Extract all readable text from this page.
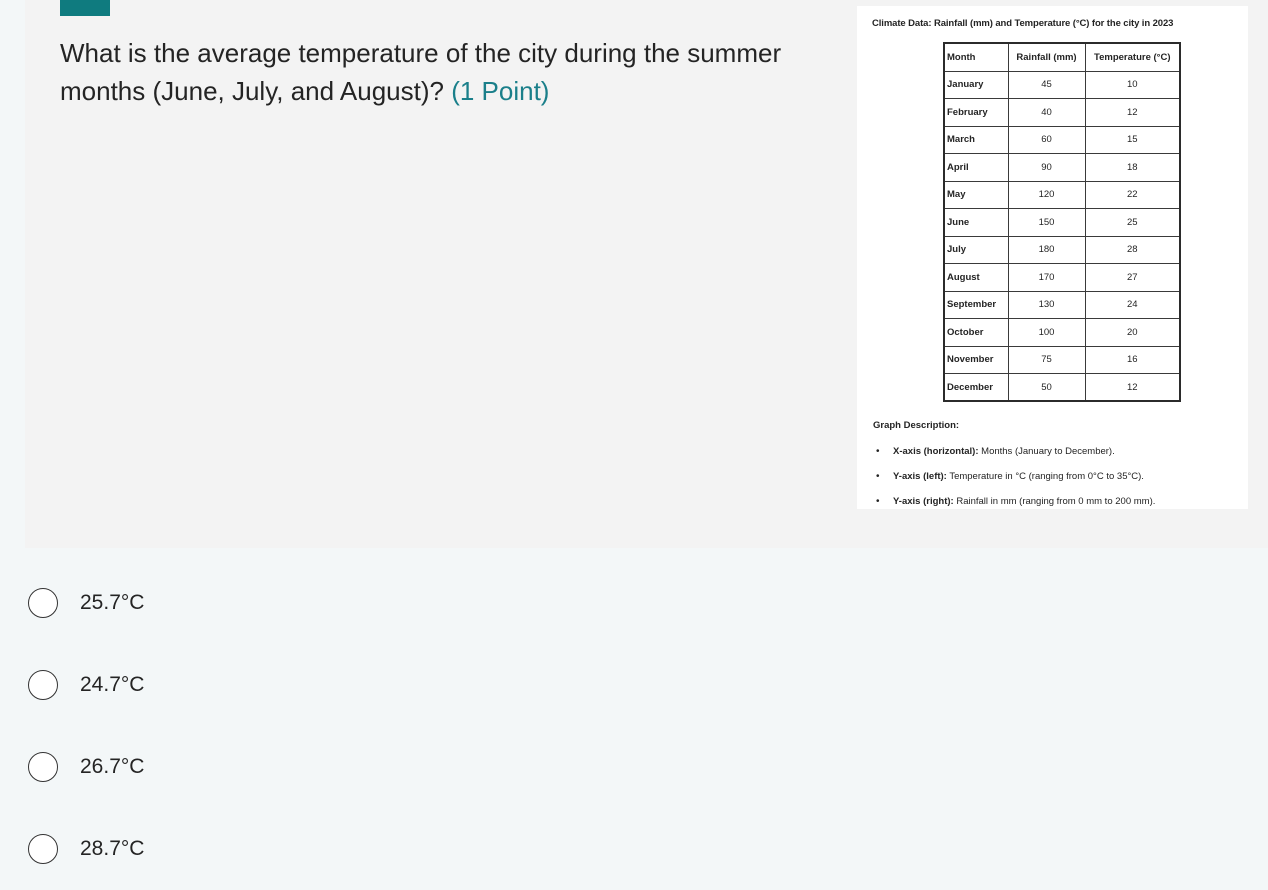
What is the average temperature of the city during the summer months (June, July, and August)? (1 Point)
Climate Data: Rainfall (mm) and Temperature (°C) for the city in 2023
Month	Rainfall (mm)	Temperature (°C)
January	45	10
February	40	12
March	60	15
April	90	18
May	120	22
June	150	25
July	180	28
August	170	27
September	130	24
October	100	20
November	75	16
December	50	12
Graph Description:
• X-axis (horizontal): Months (January to December).
• Y-axis (left): Temperature in °C (ranging from 0°C to 35°C).
• Y-axis (right): Rainfall in mm (ranging from 0 mm to 200 mm).
25.7°C
24.7°C
26.7°C
28.7°C
